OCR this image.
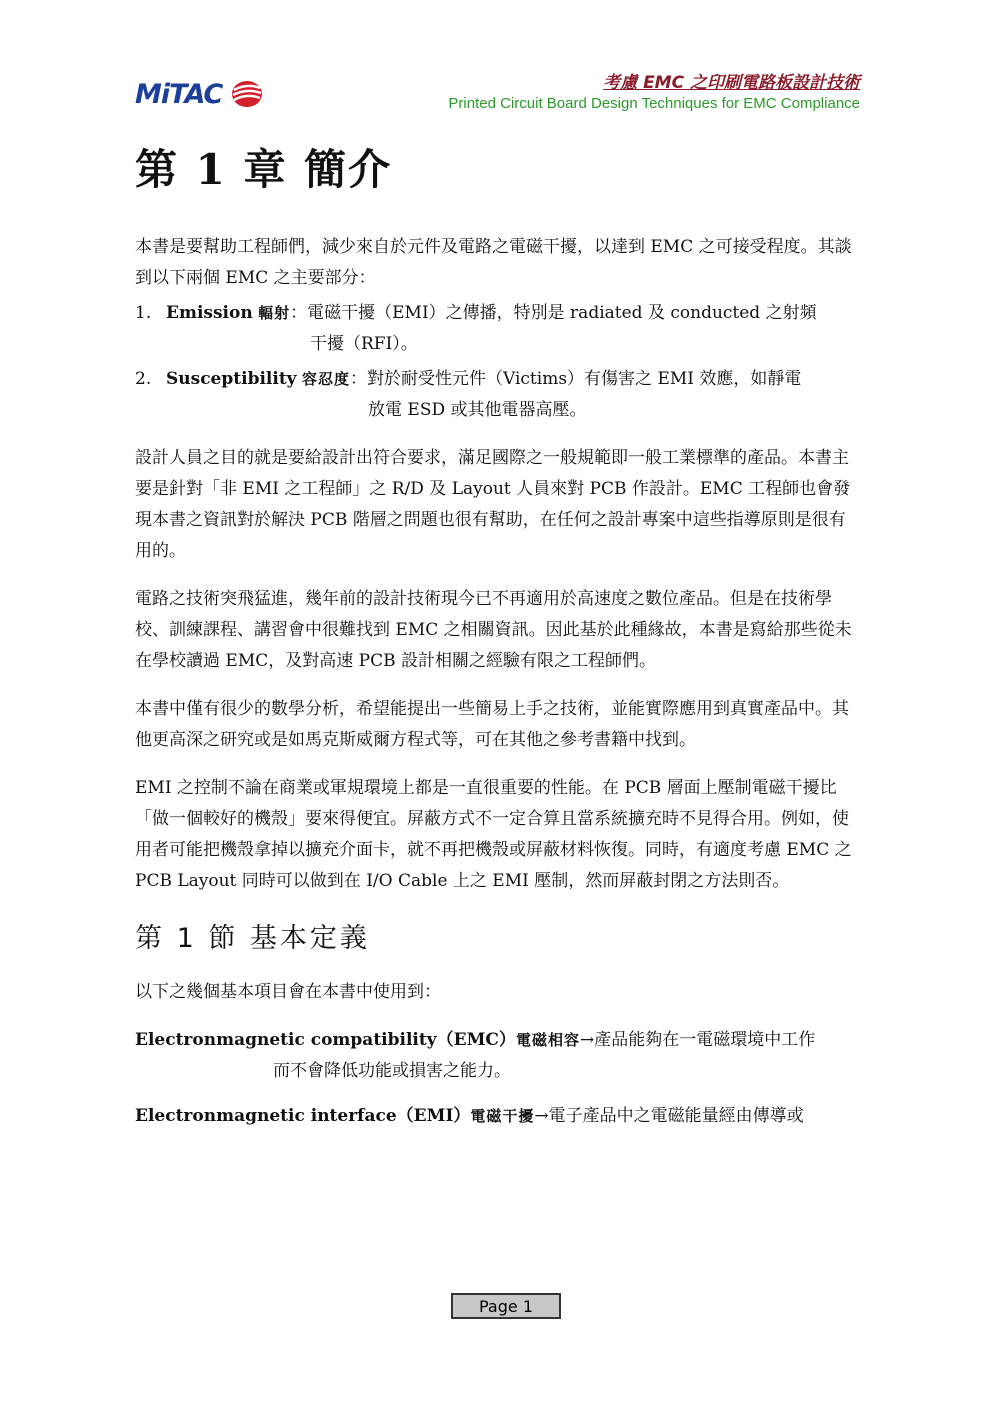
MiTAC	考慮 EMC 之印刷電路板設計技術
Printed Circuit Board Design Techniques for EMC Compliance
第 1 章 簡介

本書是要幫助工程師們，減少來自於元件及電路之電磁干擾，以達到 EMC 之可接受程度。其談到以下兩個 EMC 之主要部分：

1. Emission 輻射：電磁干擾（EMI）之傳播，特別是 radiated 及 conducted 之射頻
干擾（RFI）。
2. Susceptibility 容忍度：對於耐受性元件（Victims）有傷害之 EMI 效應，如靜電
放電 ESD 或其他電器高壓。

設計人員之目的就是要給設計出符合要求，滿足國際之一般規範即一般工業標準的產品。本書主要是針對「非 EMI 之工程師」之 R/D 及 Layout 人員來對 PCB 作設計。EMC 工程師也會發現本書之資訊對於解決 PCB 階層之問題也很有幫助，在任何之設計專案中這些指導原則是很有用的。

電路之技術突飛猛進，幾年前的設計技術現今已不再適用於高速度之數位產品。但是在技術學校、訓練課程、講習會中很難找到 EMC 之相關資訊。因此基於此種緣故，本書是寫給那些從未在學校讀過 EMC，及對高速 PCB 設計相關之經驗有限之工程師們。

本書中僅有很少的數學分析，希望能提出一些簡易上手之技術，並能實際應用到真實產品中。其他更高深之研究或是如馬克斯威爾方程式等，可在其他之參考書籍中找到。

EMI 之控制不論在商業或軍規環境上都是一直很重要的性能。在 PCB 層面上壓制電磁干擾比「做一個較好的機殼」要來得便宜。屏蔽方式不一定合算且當系統擴充時不見得合用。例如，使用者可能把機殼拿掉以擴充介面卡，就不再把機殼或屏蔽材料恢復。同時，有適度考慮 EMC 之 PCB Layout 同時可以做到在 I/O Cable 上之 EMI 壓制，然而屏蔽封閉之方法則否。

第 1 節 基本定義

以下之幾個基本項目會在本書中使用到：

Electronmagnetic compatibility（EMC）電磁相容→產品能夠在一電磁環境中工作
而不會降低功能或損害之能力。
Electronmagnetic interface（EMI）電磁干擾→電子產品中之電磁能量經由傳導或
Page 1
